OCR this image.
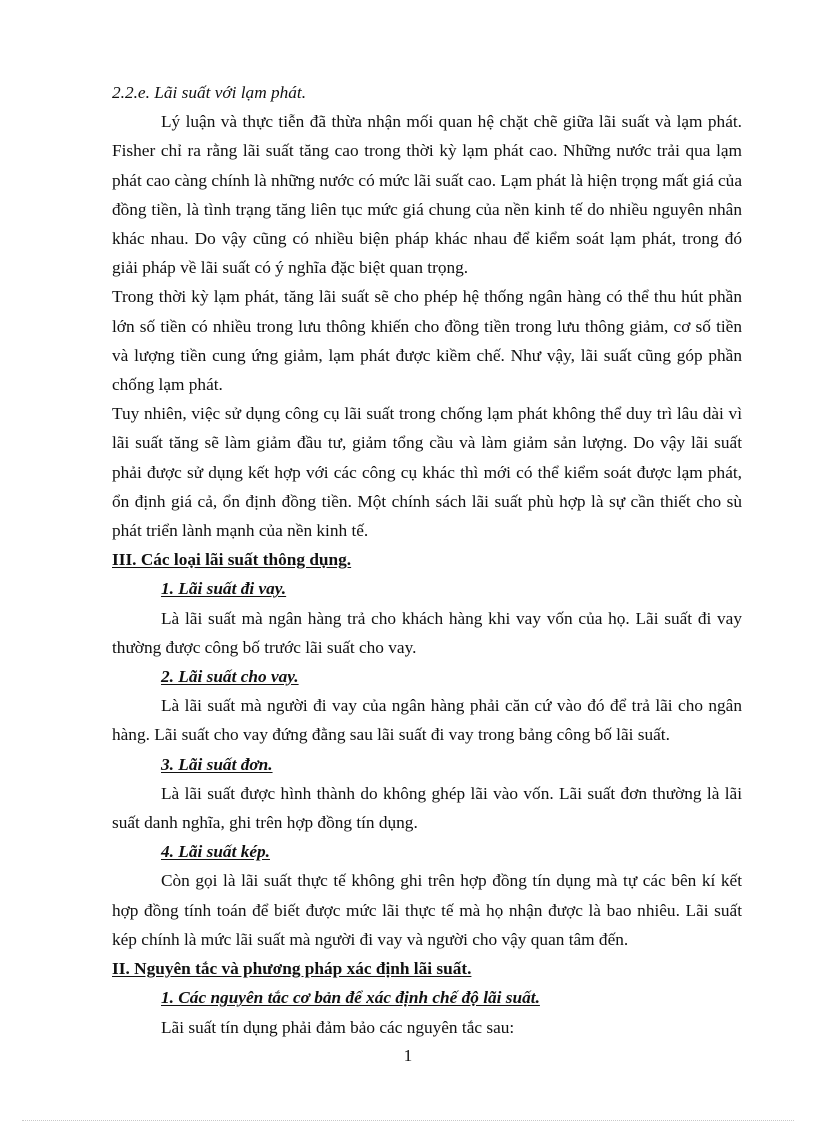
2.2.e. Lãi suất với lạm phát.

Lý luận và thực tiễn đã thừa nhận mối quan hệ chặt chẽ giữa lãi suất và lạm phát. Fisher chỉ ra rằng lãi suất tăng cao trong thời kỳ lạm phát cao. Những nước trải qua lạm phát cao càng chính là những nước có mức lãi suất cao. Lạm phát là hiện trọng mất giá của đồng tiền, là tình trạng tăng liên tục mức giá chung của nền kinh tế do nhiều nguyên nhân khác nhau. Do vậy cũng có nhiều biện pháp khác nhau để kiểm soát lạm phát, trong đó giải pháp về lãi suất có ý nghĩa đặc biệt quan trọng.

Trong thời kỳ lạm phát, tăng lãi suất sẽ cho phép hệ thống ngân hàng có thể thu hút phần lớn số tiền có nhiều trong lưu thông khiến cho đồng tiền trong lưu thông giảm, cơ số tiền và lượng tiền cung ứng giảm, lạm phát được kiềm chế. Như vậy, lãi suất cũng góp phần chống lạm phát.

Tuy nhiên, việc sử dụng công cụ lãi suất trong chống lạm phát không thể duy trì lâu dài vì lãi suất tăng sẽ làm giảm đầu tư, giảm tổng cầu và làm giảm sản lượng. Do vậy lãi suất phải được sử dụng kết hợp với các công cụ khác thì mới có thể kiểm soát được lạm phát, ổn định giá cả, ổn định đồng tiền. Một chính sách lãi suất phù hợp là sự cần thiết cho sù phát triển lành mạnh của nền kinh tế.

III. Các loại lãi suất thông dụng.

1. Lãi suất đi vay.

Là lãi suất mà ngân hàng trả cho khách hàng khi vay vốn của họ. Lãi suất đi vay thường được công bố trước lãi suất cho vay.

2. Lãi suất cho vay.

Là lãi suất mà người đi vay của ngân hàng phải căn cứ vào đó để trả lãi cho ngân hàng. Lãi suất cho vay đứng đằng sau lãi suất đi vay trong bảng công bố lãi suất.

3. Lãi suất đơn.

Là lãi suất được hình thành do không ghép lãi vào vốn. Lãi suất đơn thường là lãi suất danh nghĩa, ghi trên hợp đồng tín dụng.

4. Lãi suất kép.

Còn gọi là lãi suất thực tế không ghi trên hợp đồng tín dụng mà tự các bên kí kết hợp đồng tính toán để biết được mức lãi thực tế mà họ nhận được là bao nhiêu. Lãi suất kép chính là mức lãi suất mà người đi vay và người cho vậy quan tâm đến.

II. Nguyên tắc và phương pháp xác định lãi suất.

1. Các nguyên tắc cơ bản để xác định chế độ lãi suất.

Lãi suất tín dụng phải đảm bảo các nguyên tắc sau:

1
